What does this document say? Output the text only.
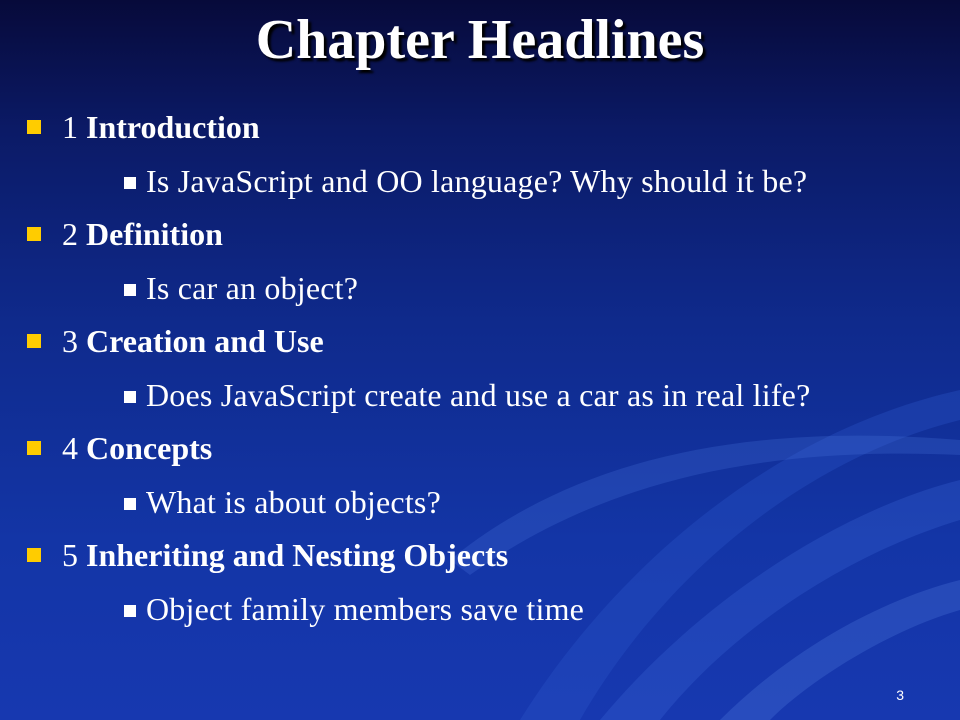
Chapter Headlines
1 Introduction
Is JavaScript and OO language? Why should it be?
2 Definition
Is car an object?
3 Creation and Use
Does JavaScript create and use a car as in real life?
4 Concepts
What is about objects?
5 Inheriting and Nesting Objects
Object family members save time
3
